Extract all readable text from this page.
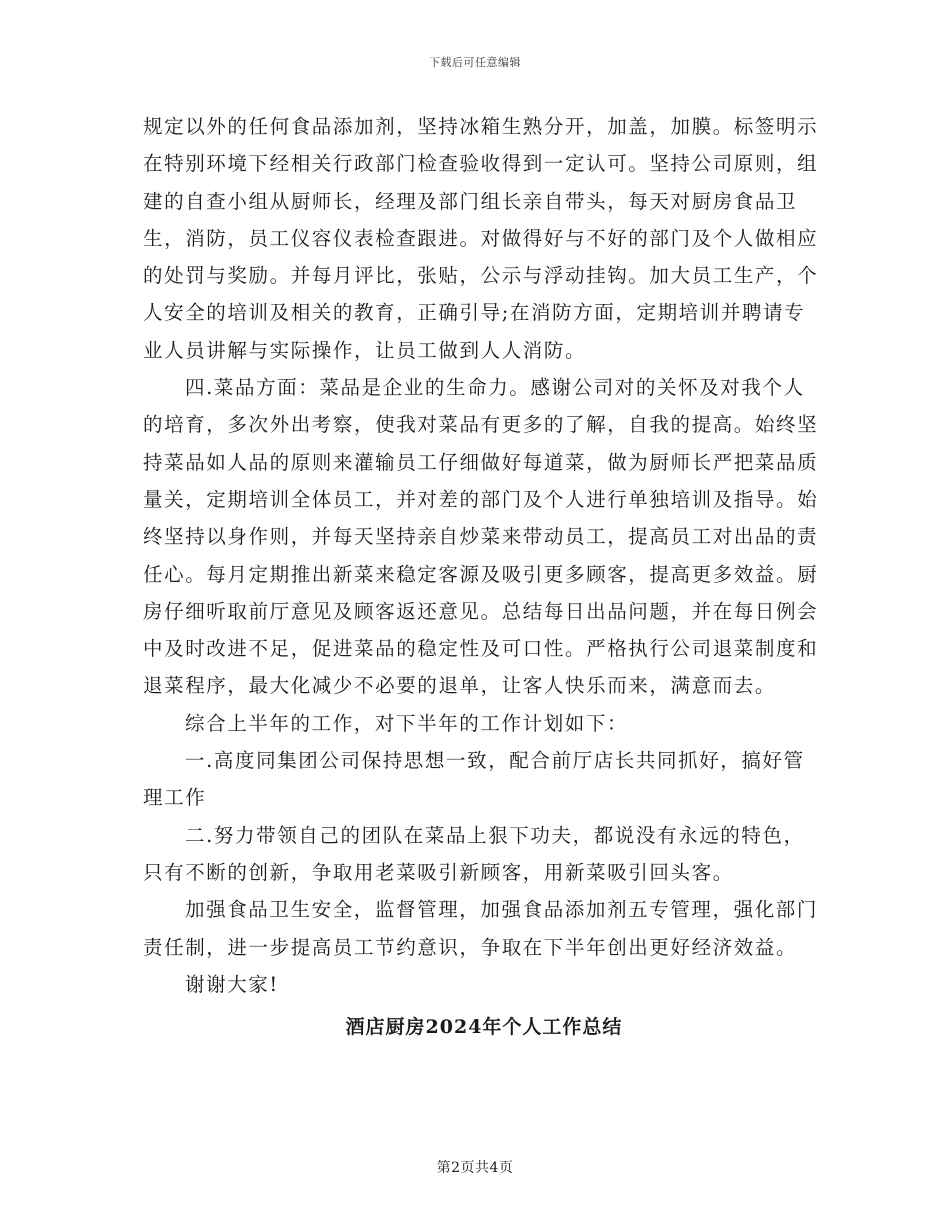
下载后可任意编辑

规定以外的任何食品添加剂，坚持冰箱生熟分开，加盖，加膜。标签明示在特别环境下经相关行政部门检查验收得到一定认可。坚持公司原则，组建的自查小组从厨师长，经理及部门组长亲自带头，每天对厨房食品卫生，消防，员工仪容仪表检查跟进。对做得好与不好的部门及个人做相应的处罚与奖励。并每月评比，张贴，公示与浮动挂钩。加大员工生产，个人安全的培训及相关的教育，正确引导;在消防方面，定期培训并聘请专业人员讲解与实际操作，让员工做到人人消防。

四.菜品方面：菜品是企业的生命力。感谢公司对的关怀及对我个人的培育，多次外出考察，使我对菜品有更多的了解，自我的提高。始终坚持菜品如人品的原则来灌输员工仔细做好每道菜，做为厨师长严把菜品质量关，定期培训全体员工，并对差的部门及个人进行单独培训及指导。始终坚持以身作则，并每天坚持亲自炒菜来带动员工，提高员工对出品的责任心。每月定期推出新菜来稳定客源及吸引更多顾客，提高更多效益。厨房仔细听取前厅意见及顾客返还意见。总结每日出品问题，并在每日例会中及时改进不足，促进菜品的稳定性及可口性。严格执行公司退菜制度和退菜程序，最大化减少不必要的退单，让客人快乐而来，满意而去。

综合上半年的工作，对下半年的工作计划如下：

一.高度同集团公司保持思想一致，配合前厅店长共同抓好，搞好管理工作

二.努力带领自己的团队在菜品上狠下功夫，都说没有永远的特色，只有不断的创新，争取用老菜吸引新顾客，用新菜吸引回头客。

加强食品卫生安全，监督管理，加强食品添加剂五专管理，强化部门责任制，进一步提高员工节约意识，争取在下半年创出更好经济效益。

谢谢大家!

酒店厨房2024年个人工作总结
第2页共4页
